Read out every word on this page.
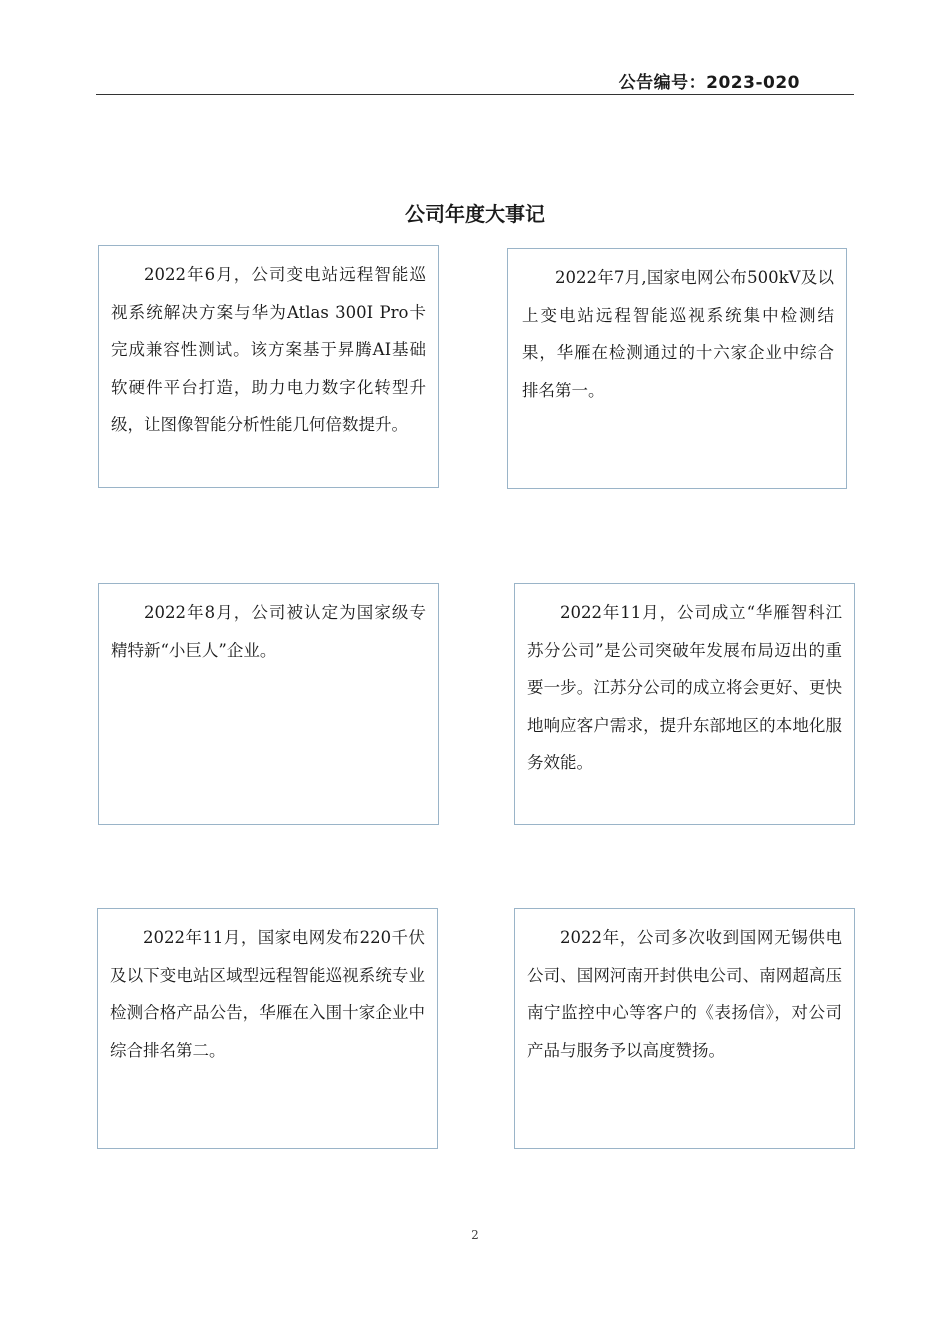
公告编号：2023-020
公司年度大事记
2022年6月，公司变电站远程智能巡视系统解决方案与华为Atlas 300I Pro卡完成兼容性测试。该方案基于昇腾AI基础软硬件平台打造，助力电力数字化转型升级，让图像智能分析性能几何倍数提升。
2022年7月,国家电网公布500kV及以上变电站远程智能巡视系统集中检测结果，华雁在检测通过的十六家企业中综合排名第一。
2022年8月，公司被认定为国家级专精特新“小巨人”企业。
2022年11月，公司成立“华雁智科江苏分公司”是公司突破年发展布局迈出的重要一步。江苏分公司的成立将会更好、更快地响应客户需求，提升东部地区的本地化服务效能。
2022年11月，国家电网发布220千伏及以下变电站区域型远程智能巡视系统专业检测合格产品公告，华雁在入围十家企业中综合排名第二。
2022年，公司多次收到国网无锡供电公司、国网河南开封供电公司、南网超高压南宁监控中心等客户的《表扬信》，对公司产品与服务予以高度赞扬。
2
